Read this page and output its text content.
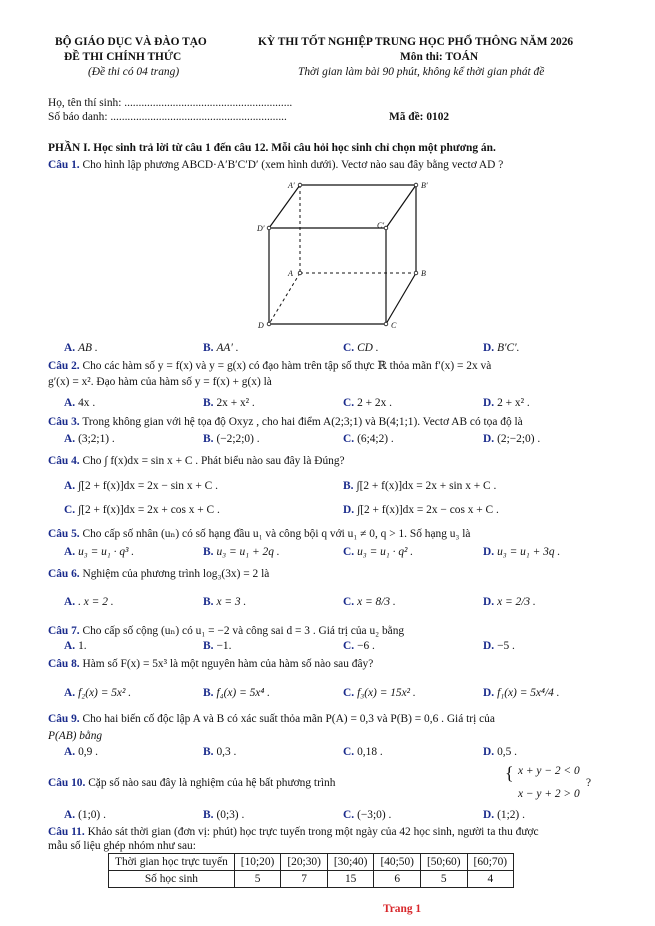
BỘ GIÁO DỤC VÀ ĐÀO TẠO
ĐỀ THI CHÍNH THỨC
(Đề thi có 04 trang)
KỲ THI TỐT NGHIỆP TRUNG HỌC PHỔ THÔNG NĂM 2026
Môn thi: TOÁN
Thời gian làm bài 90 phút, không kể thời gian phát đề
Họ, tên thí sinh: ...........................................................
Số báo danh: ..............................................................	Mã đề: 0102
PHẦN I. Học sinh trả lời từ câu 1 đến câu 12. Mỗi câu hỏi học sinh chỉ chọn một phương án.
Câu 1. Cho hình lập phương ABCD·A′B′C′D′ (xem hình dưới). Vectơ nào sau đây bằng vectơ AD ?
A′	B′
D′	C′
A	B
D	C
A. AB .	B. AA′ .	C. CD .	D. B′C′.
Câu 2. Cho các hàm số y = f(x) và y = g(x) có đạo hàm trên tập số thực ℝ thỏa mãn f′(x) = 2x và
g′(x) = x². Đạo hàm của hàm số y = f(x) + g(x) là
A. 4x .	B. 2x + x² .	C. 2 + 2x .	D. 2 + x² .
Câu 3. Trong không gian với hệ tọa độ Oxyz , cho hai điểm A(2;3;1) và B(4;1;1). Vectơ AB có tọa độ là
A. (3;2;1) .	B. (−2;2;0) .	C. (6;4;2) .	D. (2;−2;0) .
Câu 4. Cho ∫ f(x)dx = sin x + C . Phát biểu nào sau đây là Đúng?
A. ∫[2 + f(x)]dx = 2x − sin x + C .	B. ∫[2 + f(x)]dx = 2x + sin x + C .
C. ∫[2 + f(x)]dx = 2x + cos x + C .	D. ∫[2 + f(x)]dx = 2x − cos x + C .
Câu 5. Cho cấp số nhân (uₙ) có số hạng đầu u₁ và công bội q với u₁ ≠ 0, q > 1. Số hạng u₃ là
A. u₃ = u₁ · q³ .	B. u₃ = u₁ + 2q .	C. u₃ = u₁ · q² .	D. u₃ = u₁ + 3q .
Câu 6. Nghiệm của phương trình log₃(3x) = 2 là
A. . x = 2 .	B. x = 3 .	C. x = 8/3 .	D. x = 2/3 .
Câu 7. Cho cấp số cộng (uₙ) có u₁ = −2 và công sai d = 3 . Giá trị của u₂ bằng
A. 1.	B. −1.	C. −6 .	D. −5 .
Câu 8. Hàm số F(x) = 5x³ là một nguyên hàm của hàm số nào sau đây?
A. f₂(x) = 5x² .	B. f₄(x) = 5x⁴ .	C. f₃(x) = 15x² .	D. f₁(x) = 5x⁴/4 .
Câu 9. Cho hai biến cố độc lập A và B có xác suất thỏa mãn P(A) = 0,3 và P(B) = 0,6 . Giá trị của
P(AB) bằng
A. 0,9 .	B. 0,3 .	C. 0,18 .	D. 0,5 .
Câu 10. Cặp số nào sau đây là nghiệm của hệ bất phương trình	{ x + y − 2 < 0
x − y + 2 > 0
?
A. (1;0) .	B. (0;3) .	C. (−3;0) .	D. (1;2) .
Câu 11. Khảo sát thời gian (đơn vị: phút) học trực tuyến trong một ngày của 42 học sinh, người ta thu được
mẫu số liệu ghép nhóm như sau:
Thời gian học trực tuyến	[10;20)	[20;30)	[30;40)	[40;50)	[50;60)	[60;70)
Số học sinh	5	7	15	6	5	4
Trang 1
